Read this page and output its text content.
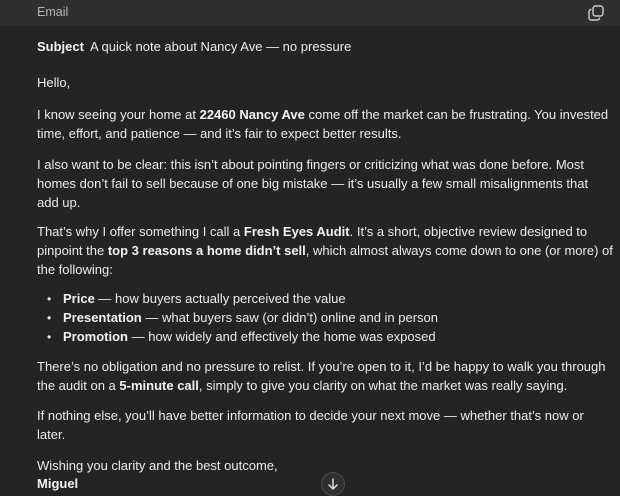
Email
Subject A quick note about Nancy Ave — no pressure
Hello,
I know seeing your home at 22460 Nancy Ave come off the market can be frustrating. You invested
time, effort, and patience — and it’s fair to expect better results.
I also want to be clear: this isn’t about pointing fingers or criticizing what was done before. Most
homes don’t fail to sell because of one big mistake — it’s usually a few small misalignments that
add up.
That’s why I offer something I call a Fresh Eyes Audit. It’s a short, objective review designed to
pinpoint the top 3 reasons a home didn’t sell, which almost always come down to one (or more) of
the following:
• Price — how buyers actually perceived the value
• Presentation — what buyers saw (or didn’t) online and in person
• Promotion — how widely and effectively the home was exposed
There’s no obligation and no pressure to relist. If you’re open to it, I’d be happy to walk you through
the audit on a 5-minute call, simply to give you clarity on what the market was really saying.
If nothing else, you’ll have better information to decide your next move — whether that’s now or
later.
Wishing you clarity and the best outcome,
Miguel
